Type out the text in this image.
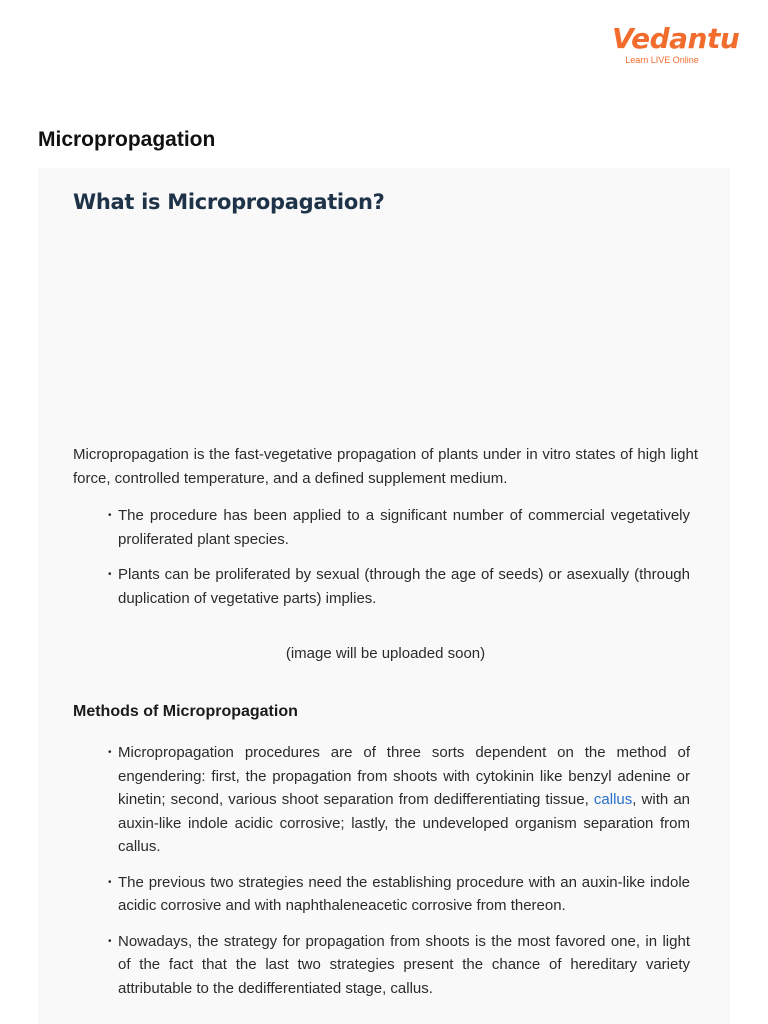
Vedantu
Learn LIVE Online
Micropropagation
What is Micropropagation?

Micropropagation is the fast-vegetative propagation of plants under in vitro states of high light force, controlled temperature, and a defined supplement medium.

• The procedure has been applied to a significant number of commercial vegetatively proliferated plant species.
• Plants can be proliferated by sexual (through the age of seeds) or asexually (through duplication of vegetative parts) implies.

(image will be uploaded soon)

Methods of Micropropagation
• Micropropagation procedures are of three sorts dependent on the method of engendering: first, the propagation from shoots with cytokinin like benzyl adenine or kinetin; second, various shoot separation from dedifferentiating tissue, callus, with an auxin-like indole acidic corrosive; lastly, the undeveloped organism separation from callus.
• The previous two strategies need the establishing procedure with an auxin-like indole acidic corrosive and with naphthaleneacetic corrosive from thereon.
• Nowadays, the strategy for propagation from shoots is the most favored one, in light of the fact that the last two strategies present the chance of hereditary variety attributable to the dedifferentiated stage, callus.
